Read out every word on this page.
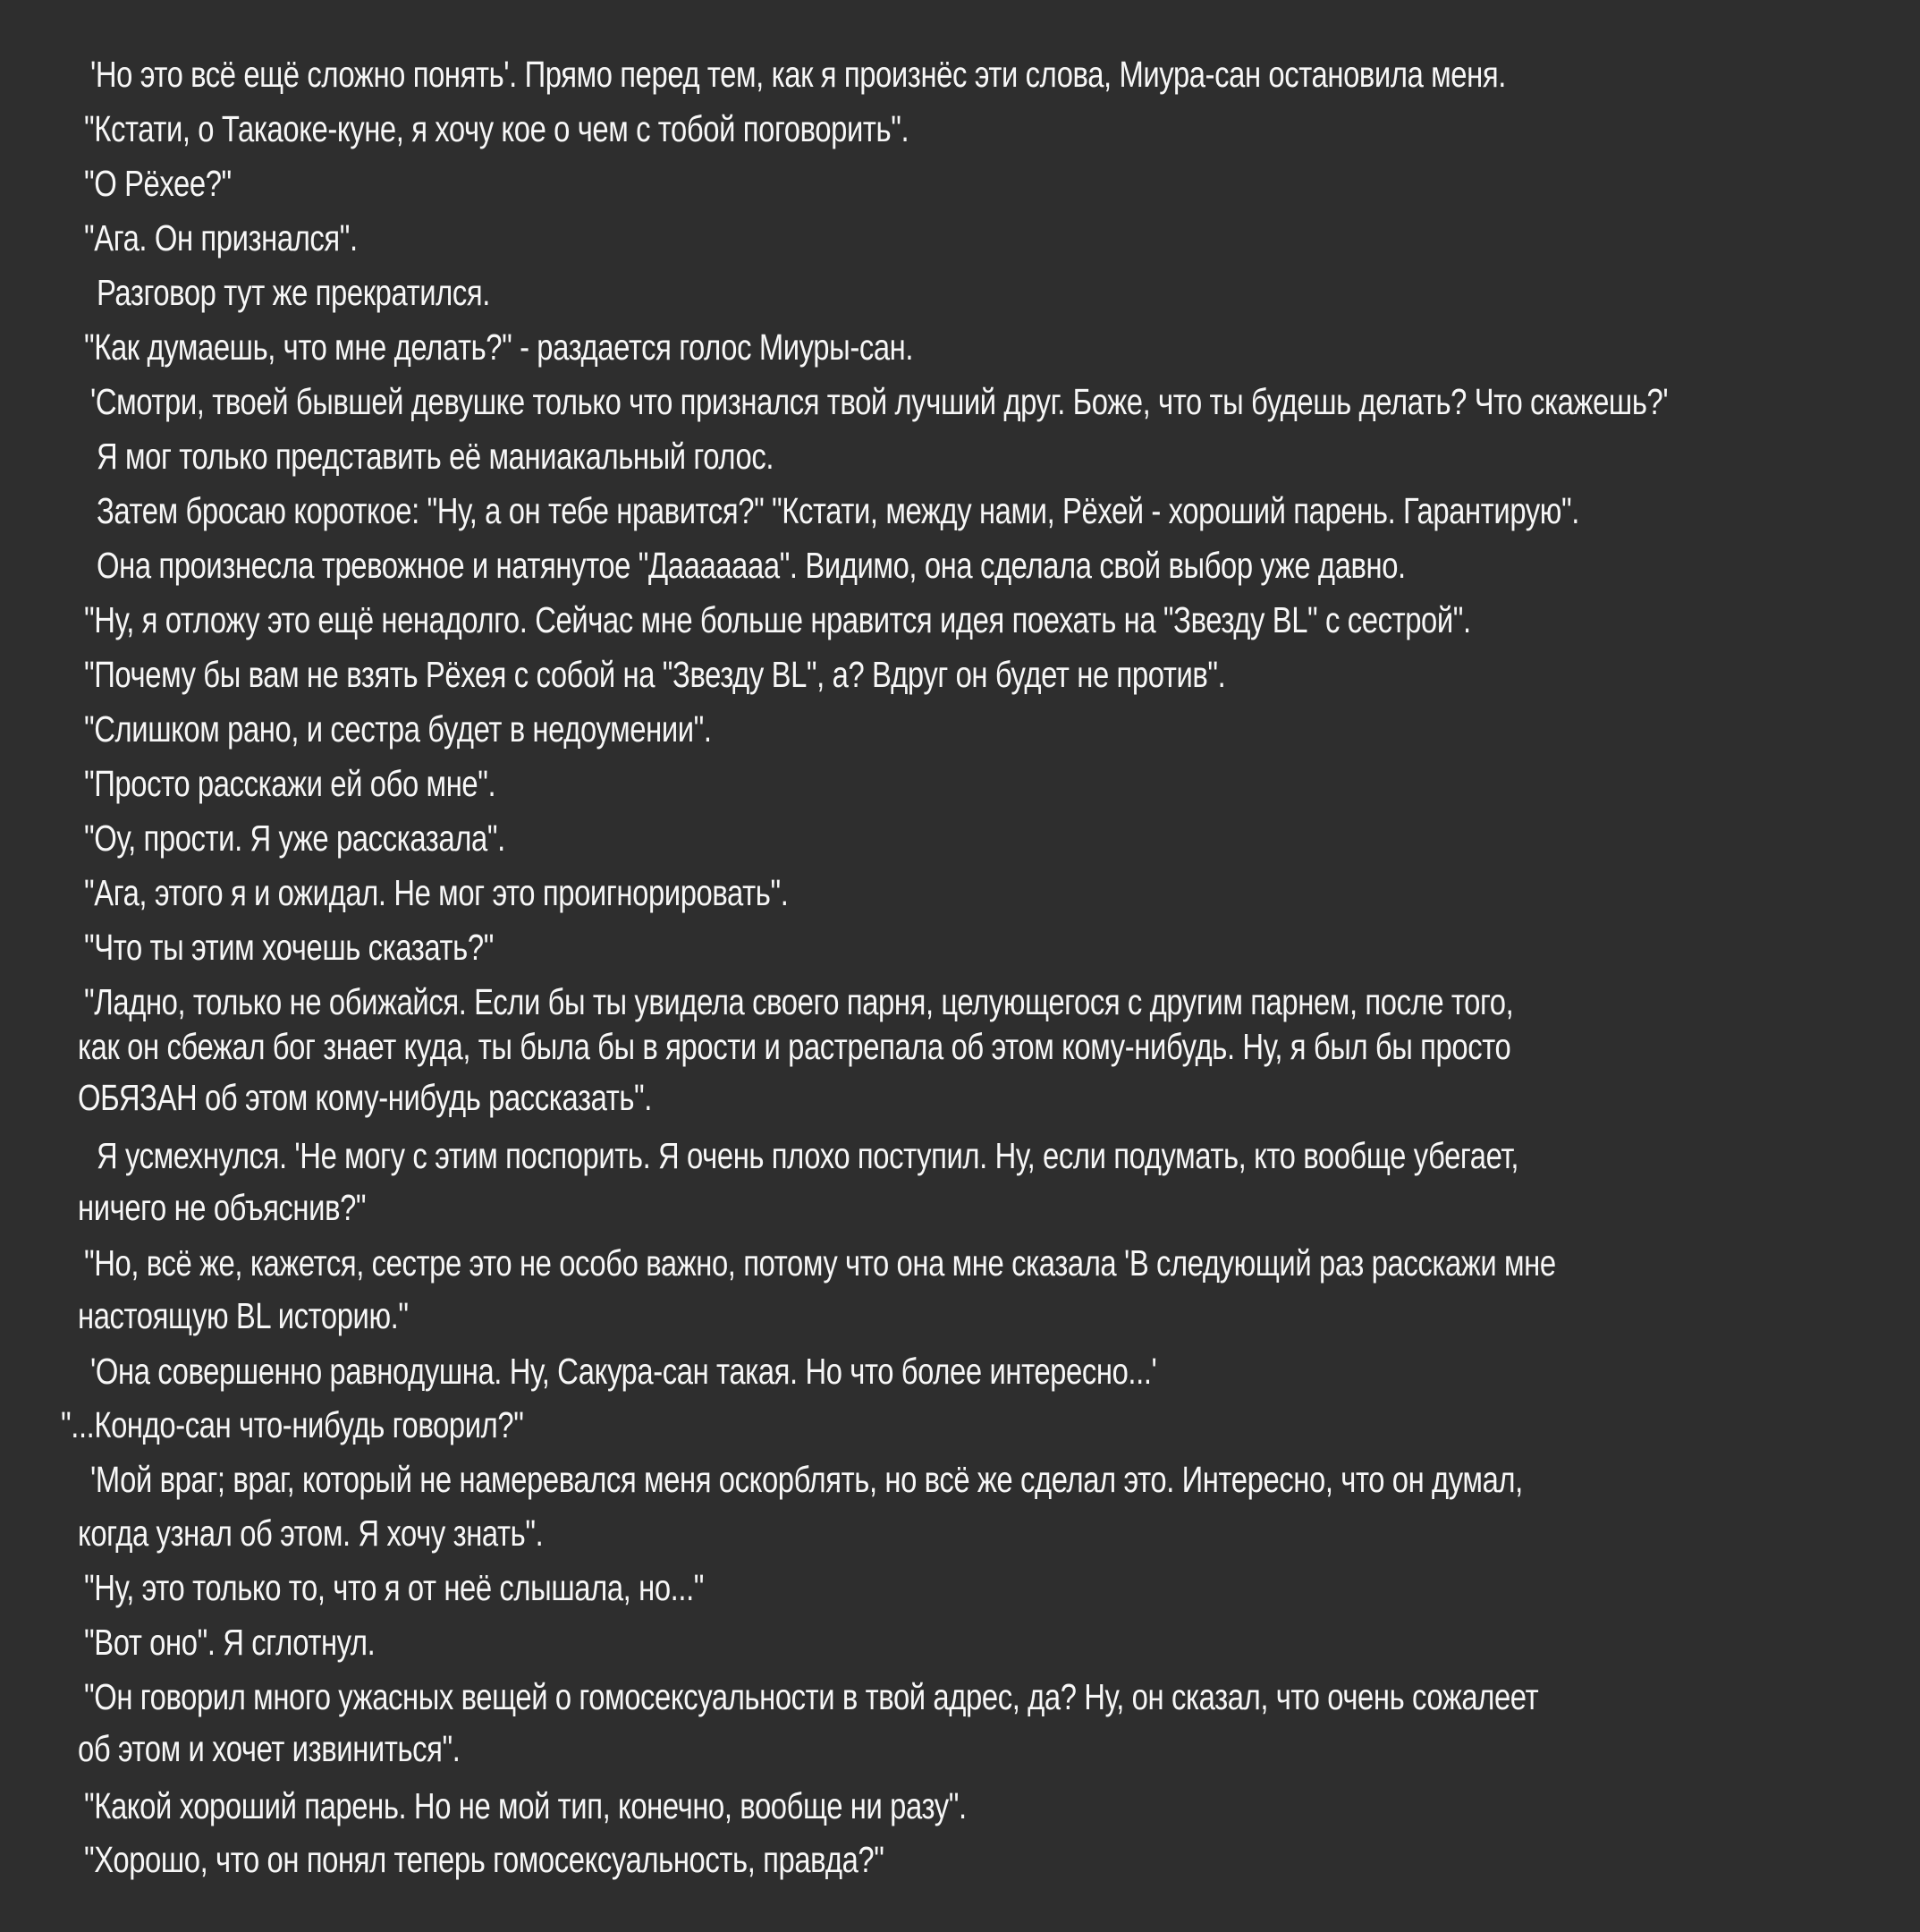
'Но это всё ещё сложно понять'. Прямо перед тем, как я произнёс эти слова, Миура-сан остановила меня.
"Кстати, о Такаоке-куне, я хочу кое о чем с тобой поговорить".
"О Рёхее?"
"Ага. Он признался".
Разговор тут же прекратился.
"Как думаешь, что мне делать?" - раздается голос Миуры-сан.
'Смотри, твоей бывшей девушке только что признался твой лучший друг. Боже, что ты будешь делать? Что скажешь?'
Я мог только представить её маниакальный голос.
Затем бросаю короткое: "Ну, а он тебе нравится?" "Кстати, между нами, Рёхей - хороший парень. Гарантирую".
Она произнесла тревожное и натянутое "Дааааааа". Видимо, она сделала свой выбор уже давно.
"Ну, я отложу это ещё ненадолго. Сейчас мне больше нравится идея поехать на "Звезду BL" с сестрой".
"Почему бы вам не взять Рёхея с собой на "Звезду BL", а? Вдруг он будет не против".
"Слишком рано, и сестра будет в недоумении".
"Просто расскажи ей обо мне".
"Оу, прости. Я уже рассказала".
"Ага, этого я и ожидал. Не мог это проигнорировать".
"Что ты этим хочешь сказать?"
"Ладно, только не обижайся. Если бы ты увидела своего парня, целующегося с другим парнем, после того,
как он сбежал бог знает куда, ты была бы в ярости и растрепала об этом кому-нибудь. Ну, я был бы просто
ОБЯЗАН об этом кому-нибудь рассказать".
Я усмехнулся. 'Не могу с этим поспорить. Я очень плохо поступил. Ну, если подумать, кто вообще убегает,
ничего не объяснив?"
"Но, всё же, кажется, сестре это не особо важно, потому что она мне сказала 'В следующий раз расскажи мне
настоящую BL историю."
'Она совершенно равнодушна. Ну, Сакура-сан такая. Но что более интересно...'
"...Кондо-сан что-нибудь говорил?"
'Мой враг; враг, который не намеревался меня оскорблять, но всё же сделал это. Интересно, что он думал,
когда узнал об этом. Я хочу знать".
"Ну, это только то, что я от неё слышала, но..."
"Вот оно". Я сглотнул.
"Он говорил много ужасных вещей о гомосексуальности в твой адрес, да? Ну, он сказал, что очень сожалеет
об этом и хочет извиниться".
"Какой хороший парень. Но не мой тип, конечно, вообще ни разу".
"Хорошо, что он понял теперь гомосексуальность, правда?"
